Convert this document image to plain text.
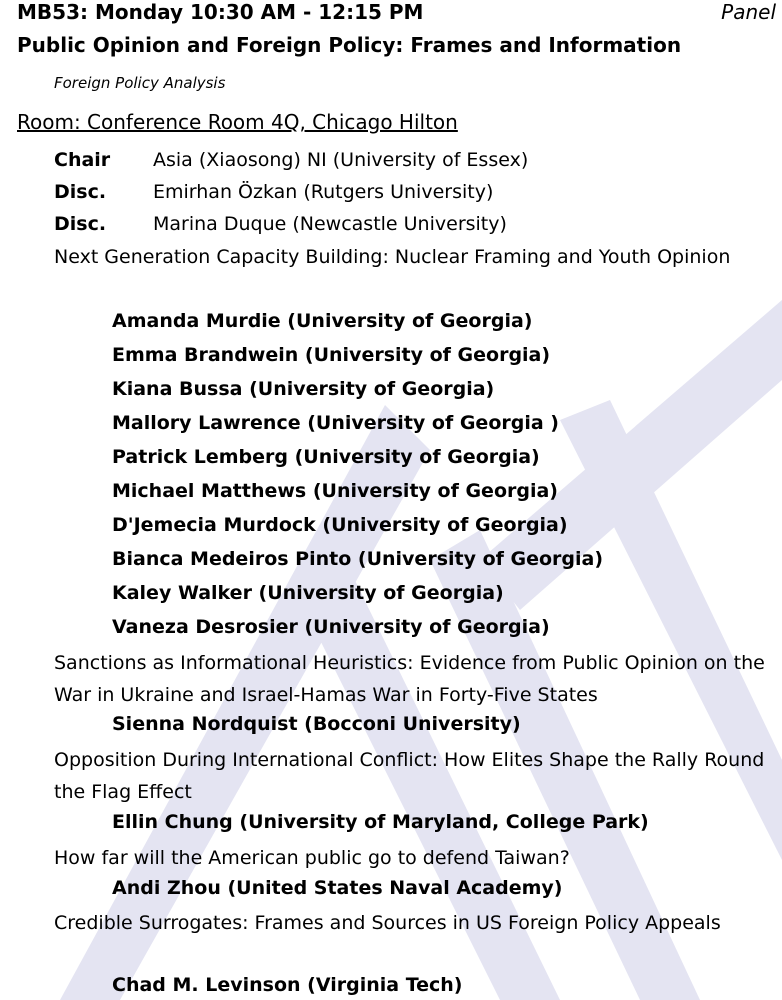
MB53: Monday 10:30 AM - 12:15 PM	Panel
Public Opinion and Foreign Policy: Frames and Information
Foreign Policy Analysis
Room: Conference Room 4Q, Chicago Hilton
Chair Asia (Xiaosong) NI (University of Essex)
Disc. Emirhan Özkan (Rutgers University)
Disc. Marina Duque (Newcastle University)
Next Generation Capacity Building: Nuclear Framing and Youth Opinion
Amanda Murdie (University of Georgia)
Emma Brandwein (University of Georgia)
Kiana Bussa (University of Georgia)
Mallory Lawrence (University of Georgia )
Patrick Lemberg (University of Georgia)
Michael Matthews (University of Georgia)
D'Jemecia Murdock (University of Georgia)
Bianca Medeiros Pinto (University of Georgia)
Kaley Walker (University of Georgia)
Vaneza Desrosier (University of Georgia)
Sanctions as Informational Heuristics: Evidence from Public Opinion on the War in Ukraine and Israel-Hamas War in Forty-Five States
Sienna Nordquist (Bocconi University)
Opposition During International Conflict: How Elites Shape the Rally Round the Flag Effect
Ellin Chung (University of Maryland, College Park)
How far will the American public go to defend Taiwan?
Andi Zhou (United States Naval Academy)
Credible Surrogates: Frames and Sources in US Foreign Policy Appeals
Chad M. Levinson (Virginia Tech)
